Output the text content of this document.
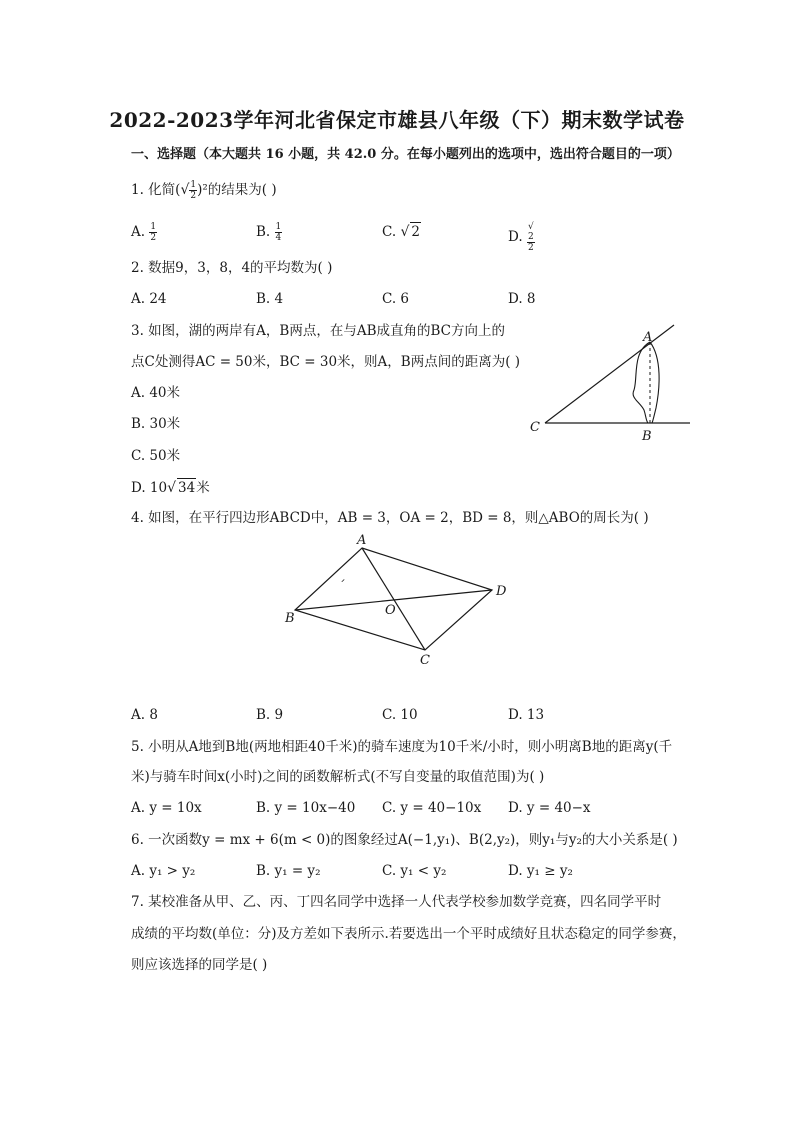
2022-2023学年河北省保定市雄县八年级（下）期末数学试卷
一、选择题（本大题共 16 小题，共 42.0 分。在每小题列出的选项中，选出符合题目的一项）
1. 化简(√ $\frac{1}{2} )^2$的结果为( )
A. $\frac{1}{2}$	B. $\frac{1}{4}$	C. √ 2	D. √
2
2
2. 数据9，3，8，4的平均数为( )
A. 24	B. 4	C. 6	D. 8
3. 如图，湖的两岸有A，B两点，在与AB成直角的BC方向上的
点C处测得AC = 50米，BC = 30米，则A，B两点间的距离为( )
A. 40米
B. 30米
C. 50米
D. 10√ 34米
A
B
C
4. 如图，在平行四边形ABCD中，AB = 3，OA = 2，BD = 8，则△ABO的周长为( )
ˊ
A
B
C
D
O
A. 8	B. 9	C. 10	D. 13
5. 小明从A地到B地(两地相距40千米)的骑车速度为10千米/小时，则小明离B地的距离y(千
米)与骑车时间x(小时)之间的函数解析式(不写自变量的取值范围)为( )
A. y = 10x	B. y = 10x−40 C. y = 40−10x D. y = 40−x
6. 一次函数y = mx + 6(m < 0)的图象经过A(−1,y₁)、B(2,y₂)，则y₁与y₂的大小关系是( )
A. y₁ > y₂	B. y₁ = y₂	C. y₁ < y₂	D. y₁ ≥ y₂
7. 某校准备从甲、乙、丙、丁四名同学中选择一人代表学校参加数学竞赛，四名同学平时
成绩的平均数(单位：分)及方差如下表所示.若要选出一个平时成绩好且状态稳定的同学参赛，
则应该选择的同学是( )
